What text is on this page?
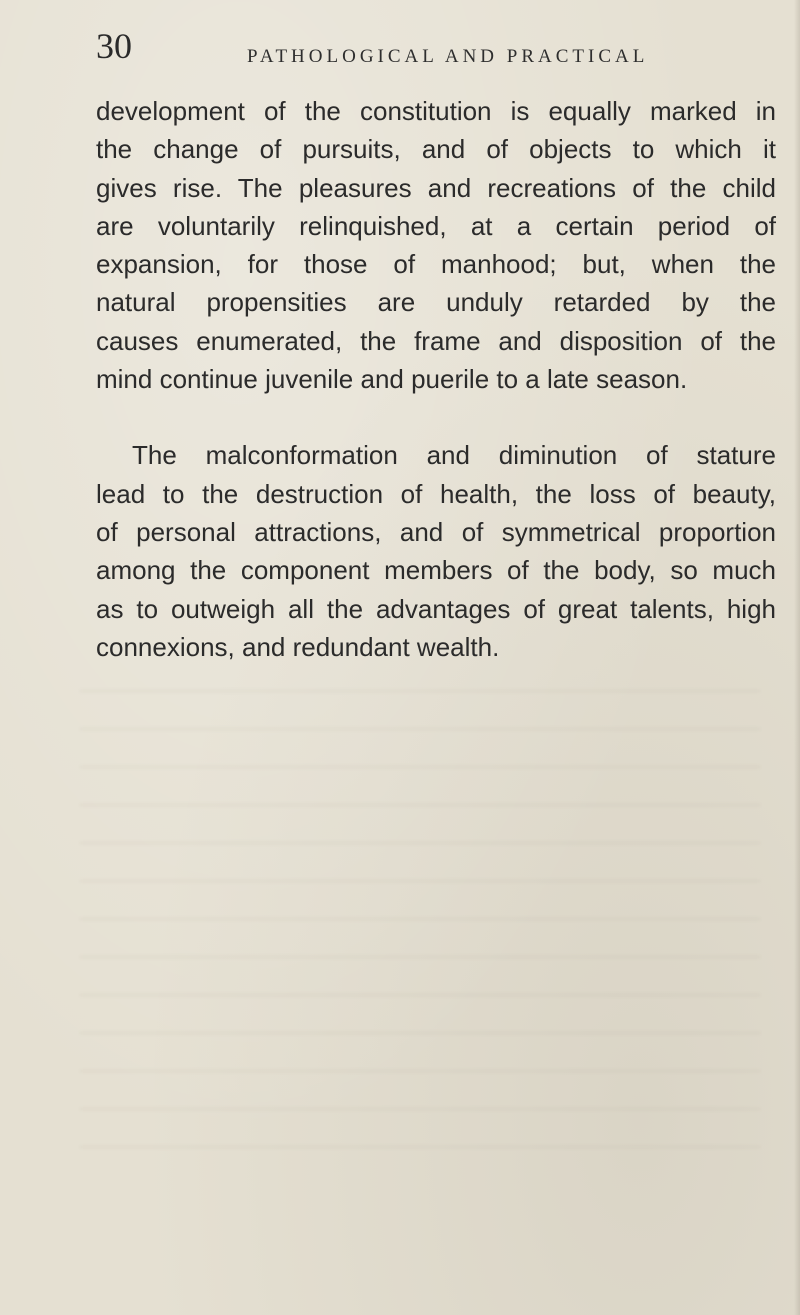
30	PATHOLOGICAL AND PRACTICAL

development of the constitution is equally marked in
the change of pursuits, and of objects to which it
gives rise. The pleasures and recreations of the child
are voluntarily relinquished, at a certain period of
expansion, for those of manhood; but, when the
natural propensities are unduly retarded by the
causes enumerated, the frame and disposition of the
mind continue juvenile and puerile to a late season.

The malconformation and diminution of stature
lead to the destruction of health, the loss of beauty,
of personal attractions, and of symmetrical proportion
among the component members of the body, so much
as to outweigh all the advantages of great talents, high
connexions, and redundant wealth.
